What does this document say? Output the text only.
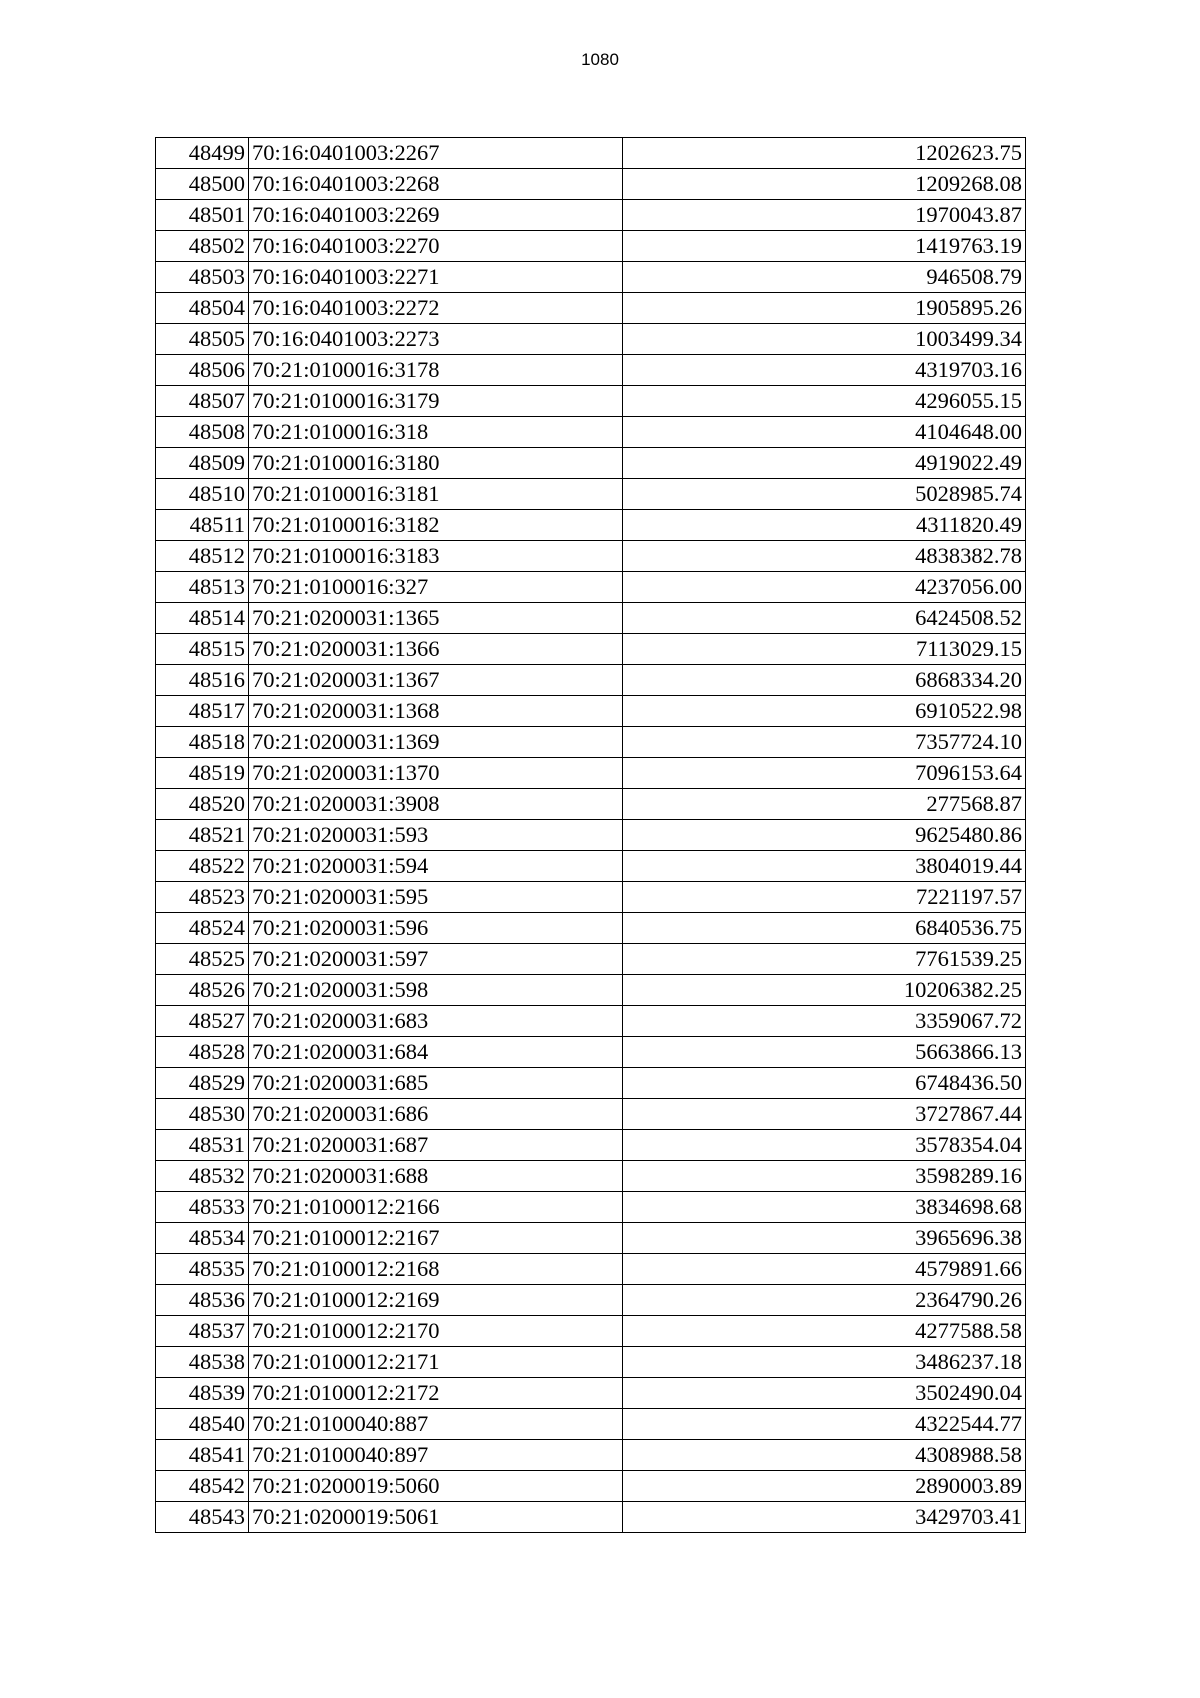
1080
48499	70:16:0401003:2267	1202623.75
48500	70:16:0401003:2268	1209268.08
48501	70:16:0401003:2269	1970043.87
48502	70:16:0401003:2270	1419763.19
48503	70:16:0401003:2271	946508.79
48504	70:16:0401003:2272	1905895.26
48505	70:16:0401003:2273	1003499.34
48506	70:21:0100016:3178	4319703.16
48507	70:21:0100016:3179	4296055.15
48508	70:21:0100016:318	4104648.00
48509	70:21:0100016:3180	4919022.49
48510	70:21:0100016:3181	5028985.74
48511	70:21:0100016:3182	4311820.49
48512	70:21:0100016:3183	4838382.78
48513	70:21:0100016:327	4237056.00
48514	70:21:0200031:1365	6424508.52
48515	70:21:0200031:1366	7113029.15
48516	70:21:0200031:1367	6868334.20
48517	70:21:0200031:1368	6910522.98
48518	70:21:0200031:1369	7357724.10
48519	70:21:0200031:1370	7096153.64
48520	70:21:0200031:3908	277568.87
48521	70:21:0200031:593	9625480.86
48522	70:21:0200031:594	3804019.44
48523	70:21:0200031:595	7221197.57
48524	70:21:0200031:596	6840536.75
48525	70:21:0200031:597	7761539.25
48526	70:21:0200031:598	10206382.25
48527	70:21:0200031:683	3359067.72
48528	70:21:0200031:684	5663866.13
48529	70:21:0200031:685	6748436.50
48530	70:21:0200031:686	3727867.44
48531	70:21:0200031:687	3578354.04
48532	70:21:0200031:688	3598289.16
48533	70:21:0100012:2166	3834698.68
48534	70:21:0100012:2167	3965696.38
48535	70:21:0100012:2168	4579891.66
48536	70:21:0100012:2169	2364790.26
48537	70:21:0100012:2170	4277588.58
48538	70:21:0100012:2171	3486237.18
48539	70:21:0100012:2172	3502490.04
48540	70:21:0100040:887	4322544.77
48541	70:21:0100040:897	4308988.58
48542	70:21:0200019:5060	2890003.89
48543	70:21:0200019:5061	3429703.41
